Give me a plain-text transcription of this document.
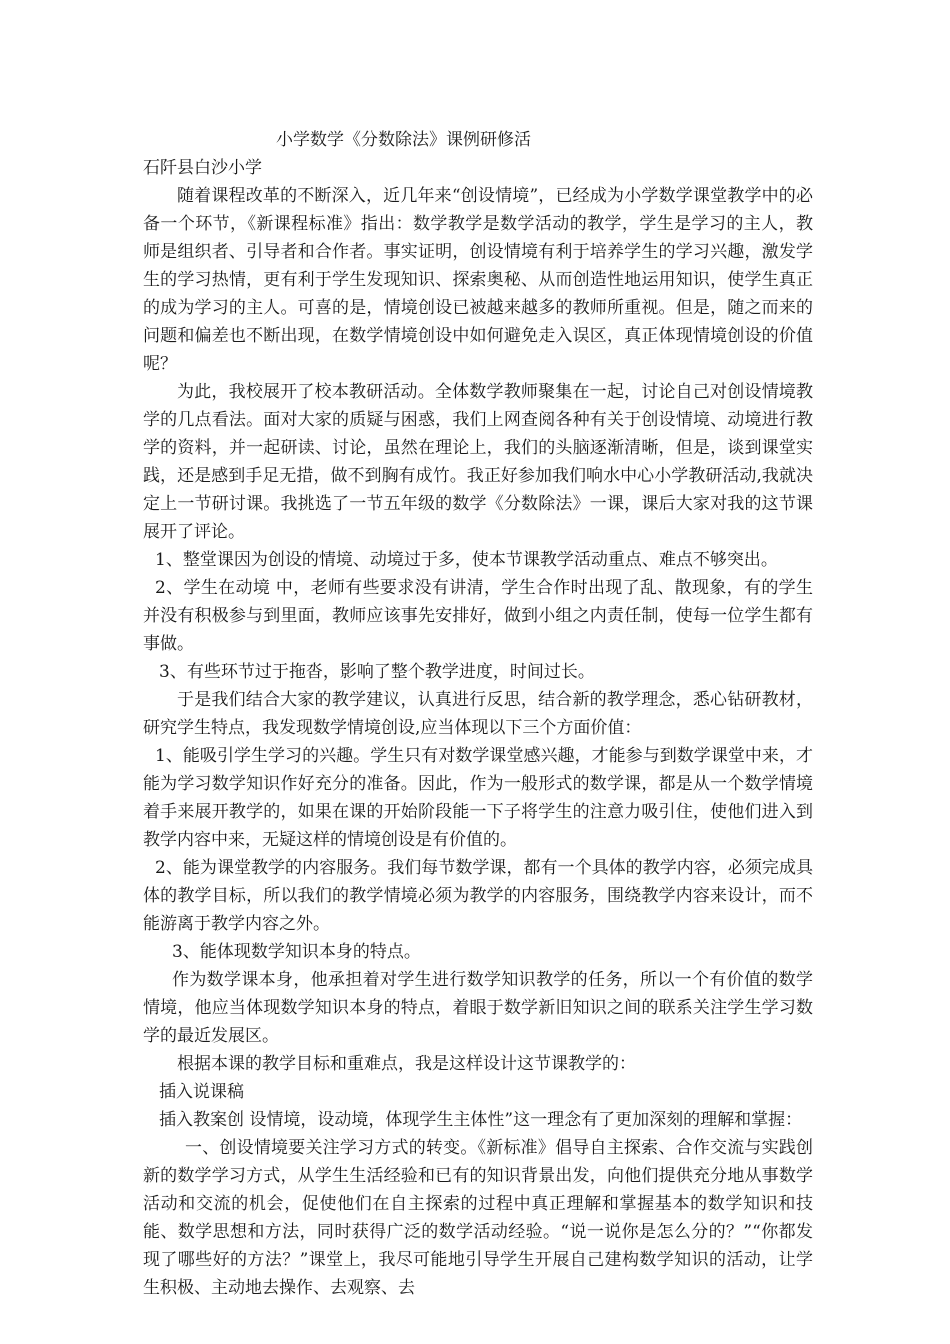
小学数学《分数除法》课例研修活

石阡县白沙小学

随着课程改革的不断深入，近几年来“创设情境”，已经成为小学数学课堂教学中的必备一个环节，《新课程标准》指出：数学教学是数学活动的教学，学生是学习的主人，教师是组织者、引导者和合作者。事实证明，创设情境有利于培养学生的学习兴趣，激发学生的学习热情，更有利于学生发现知识、探索奥秘、从而创造性地运用知识，使学生真正的成为学习的主人。可喜的是，情境创设已被越来越多的教师所重视。但是，随之而来的问题和偏差也不断出现，在数学情境创设中如何避免走入误区，真正体现情境创设的价值呢？

为此，我校展开了校本教研活动。全体数学教师聚集在一起，讨论自己对创设情境教学的几点看法。面对大家的质疑与困惑，我们上网查阅各种有关于创设情境、动境进行教学的资料，并一起研读、讨论，虽然在理论上，我们的头脑逐渐清晰，但是，谈到课堂实践，还是感到手足无措，做不到胸有成竹。我正好参加我们响水中心小学教研活动,我就决定上一节研讨课。我挑选了一节五年级的数学《分数除法》一课，课后大家对我的这节课展开了评论。

1、整堂课因为创设的情境、动境过于多，使本节课教学活动重点、难点不够突出。

2、学生在动境 中，老师有些要求没有讲清，学生合作时出现了乱、散现象，有的学生并没有积极参与到里面，教师应该事先安排好，做到小组之内责任制，使每一位学生都有事做。

3、有些环节过于拖沓，影响了整个教学进度，时间过长。

于是我们结合大家的教学建议，认真进行反思，结合新的教学理念，悉心钻研教材，研究学生特点，我发现数学情境创设,应当体现以下三个方面价值：

1、能吸引学生学习的兴趣。学生只有对数学课堂感兴趣，才能参与到数学课堂中来，才能为学习数学知识作好充分的准备。因此，作为一般形式的数学课，都是从一个数学情境着手来展开教学的，如果在课的开始阶段能一下子将学生的注意力吸引住，使他们进入到教学内容中来，无疑这样的情境创设是有价值的。

2、能为课堂教学的内容服务。我们每节数学课，都有一个具体的教学内容，必须完成具体的教学目标，所以我们的教学情境必须为教学的内容服务，围绕教学内容来设计，而不能游离于教学内容之外。

3、能体现数学知识本身的特点。

作为数学课本身，他承担着对学生进行数学知识教学的任务，所以一个有价值的数学情境，他应当体现数学知识本身的特点，着眼于数学新旧知识之间的联系关注学生学习数学的最近发展区。

根据本课的教学目标和重难点，我是这样设计这节课教学的：

插入说课稿

插入教案创 设情境，设动境，体现学生主体性”这一理念有了更加深刻的理解和掌握：

一、创设情境要关注学习方式的转变。《新标准》倡导自主探索、合作交流与实践创新的数学学习方式，从学生生活经验和已有的知识背景出发，向他们提供充分地从事数学活动和交流的机会，促使他们在自主探索的过程中真正理解和掌握基本的数学知识和技能、数学思想和方法，同时获得广泛的数学活动经验。“说一说你是怎么分的？”“你都发现了哪些好的方法？”课堂上，我尽可能地引导学生开展自己建构数学知识的活动，让学生积极、主动地去操作、去观察、去
